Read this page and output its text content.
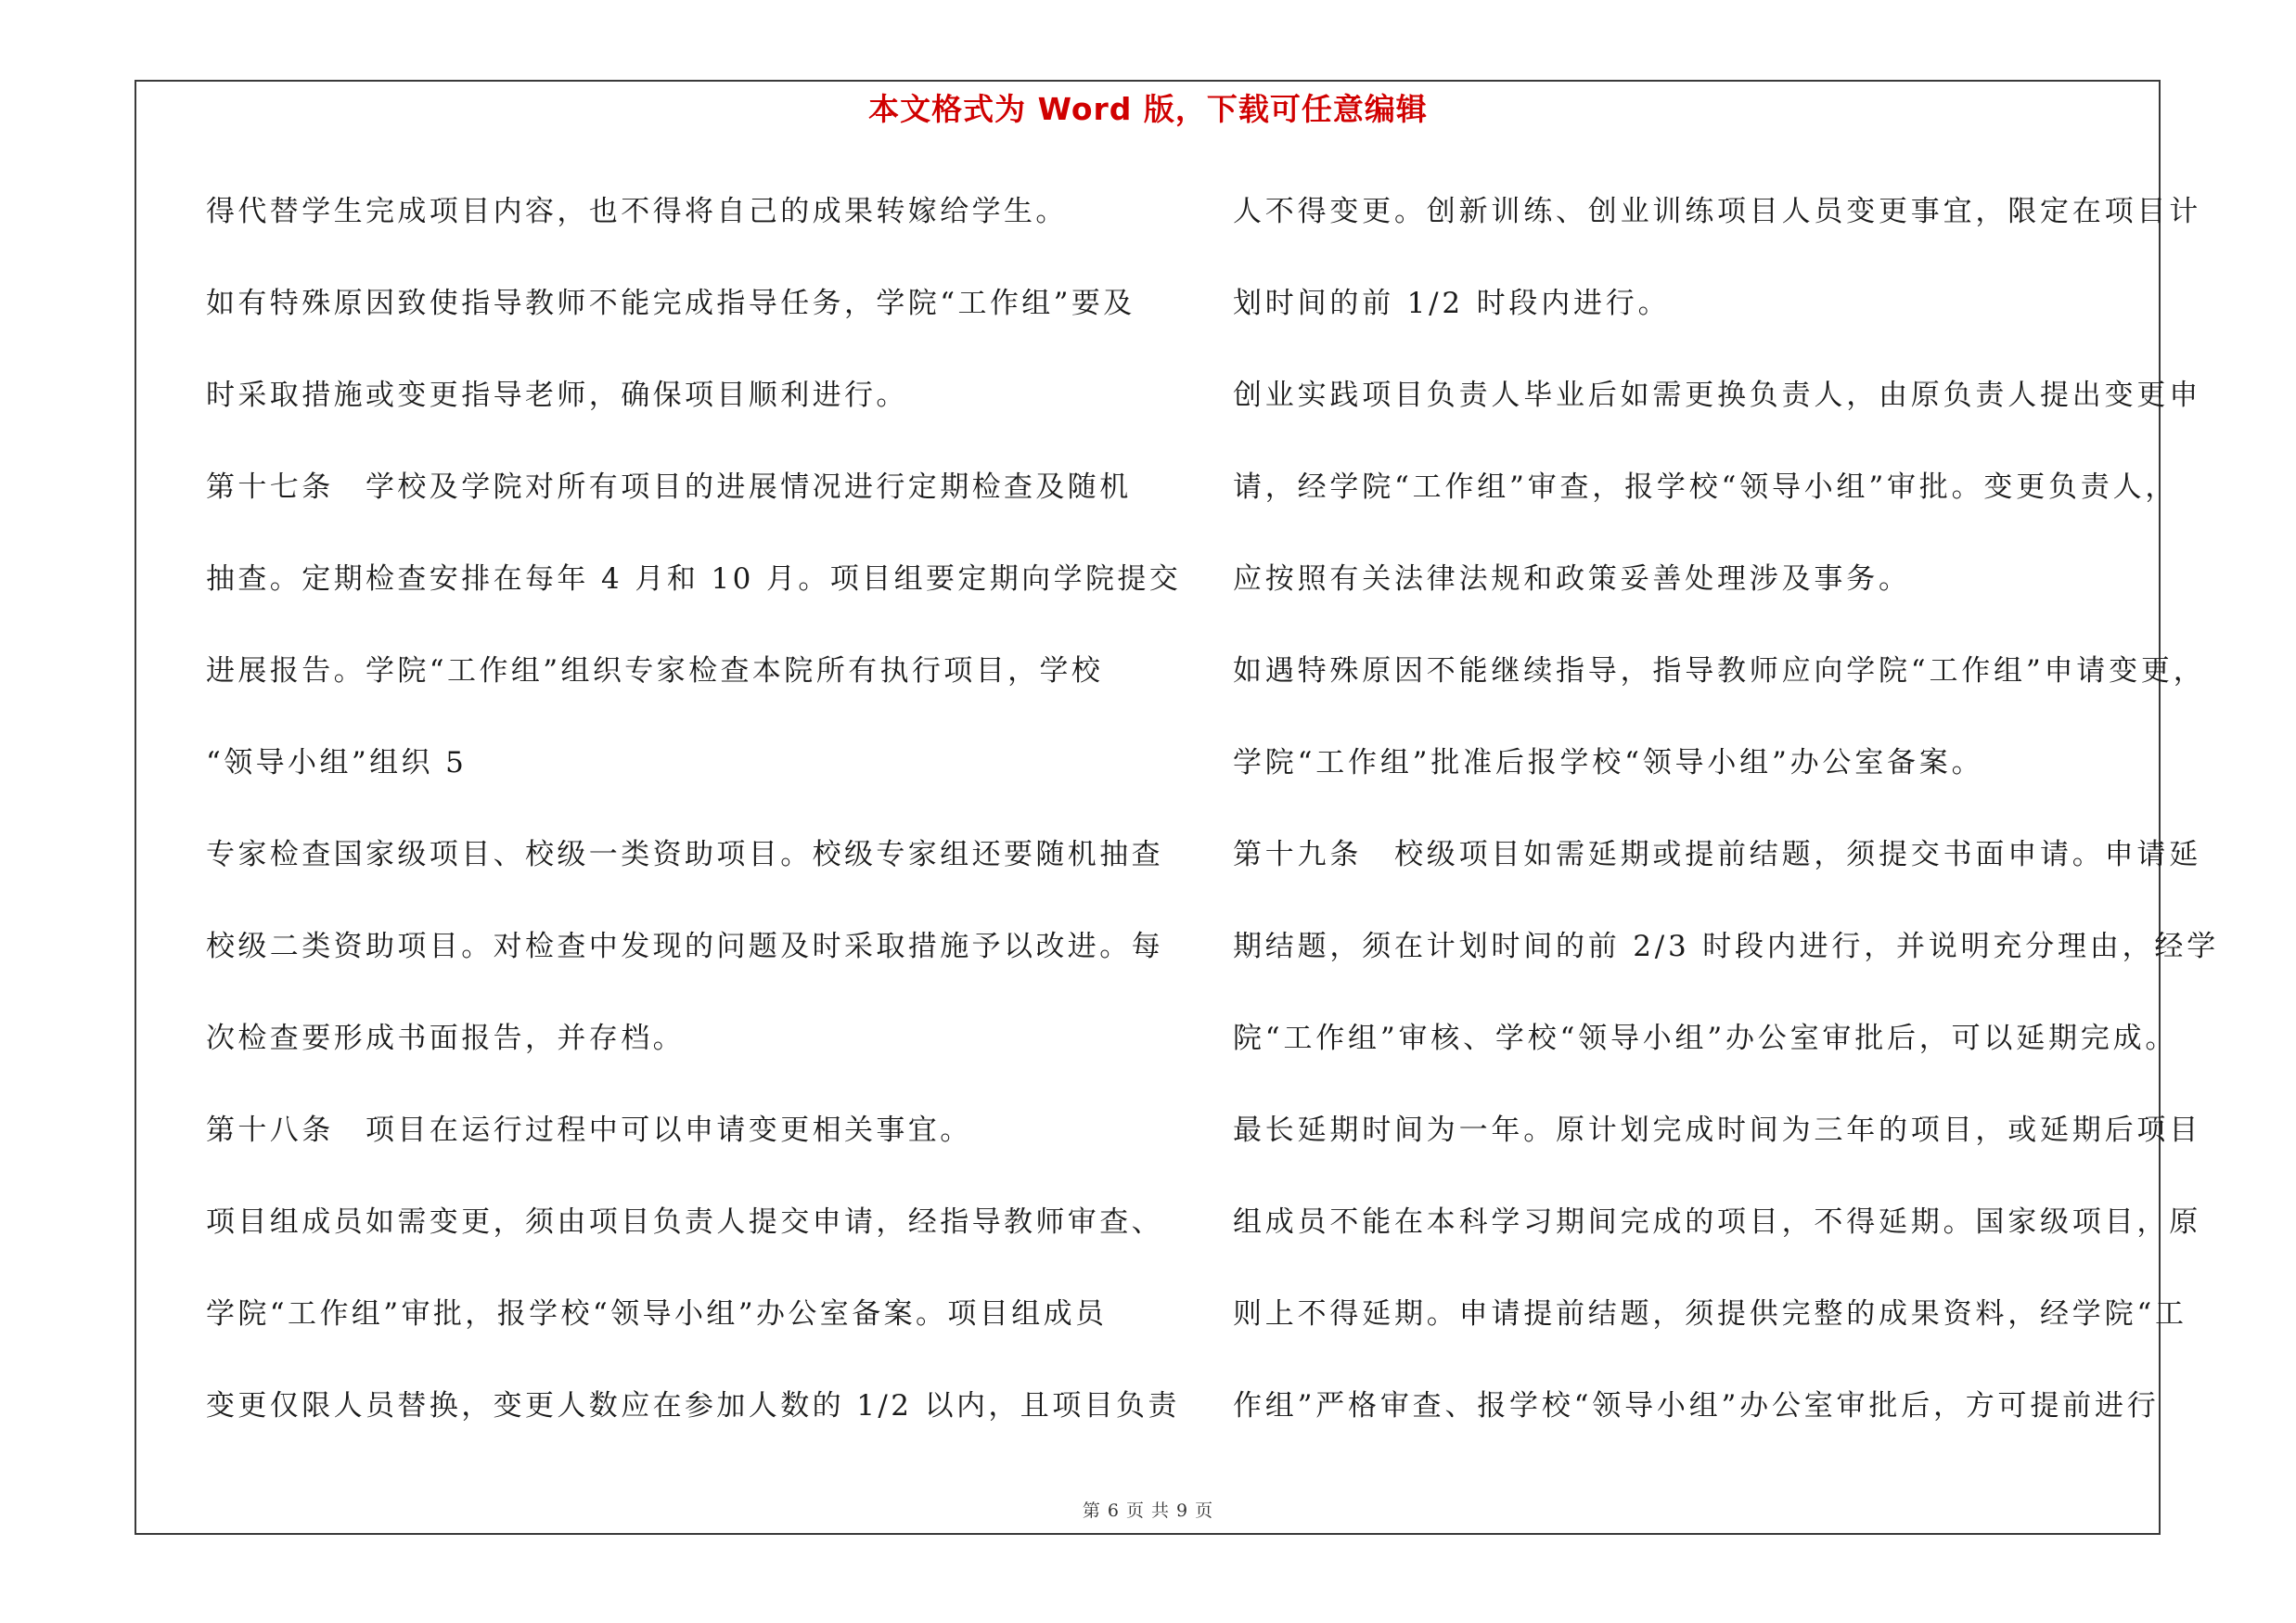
本文格式为 Word 版，下载可任意编辑
得代替学生完成项目内容，也不得将自己的成果转嫁给学生。
如有特殊原因致使指导教师不能完成指导任务，学院“工作组”要及
时采取措施或变更指导老师，确保项目顺利进行。
第十七条　学校及学院对所有项目的进展情况进行定期检查及随机
抽查。定期检查安排在每年 4 月和 10 月。项目组要定期向学院提交
进展报告。学院“工作组”组织专家检查本院所有执行项目，学校
“领导小组”组织 5
专家检查国家级项目、校级一类资助项目。校级专家组还要随机抽查
校级二类资助项目。对检查中发现的问题及时采取措施予以改进。每
次检查要形成书面报告，并存档。
第十八条　项目在运行过程中可以申请变更相关事宜。
项目组成员如需变更，须由项目负责人提交申请，经指导教师审查、
学院“工作组”审批，报学校“领导小组”办公室备案。项目组成员
变更仅限人员替换，变更人数应在参加人数的 1/2 以内，且项目负责
人不得变更。创新训练、创业训练项目人员变更事宜，限定在项目计
划时间的前 1/2 时段内进行。
创业实践项目负责人毕业后如需更换负责人，由原负责人提出变更申
请，经学院“工作组”审查，报学校“领导小组”审批。变更负责人，
应按照有关法律法规和政策妥善处理涉及事务。
如遇特殊原因不能继续指导，指导教师应向学院“工作组”申请变更，
学院“工作组”批准后报学校“领导小组”办公室备案。
第十九条　校级项目如需延期或提前结题，须提交书面申请。申请延
期结题，须在计划时间的前 2/3 时段内进行，并说明充分理由，经学
院“工作组”审核、学校“领导小组”办公室审批后，可以延期完成。
最长延期时间为一年。原计划完成时间为三年的项目，或延期后项目
组成员不能在本科学习期间完成的项目，不得延期。国家级项目，原
则上不得延期。申请提前结题，须提供完整的成果资料，经学院“工
作组”严格审查、报学校“领导小组”办公室审批后，方可提前进行
第 6 页 共 9 页
